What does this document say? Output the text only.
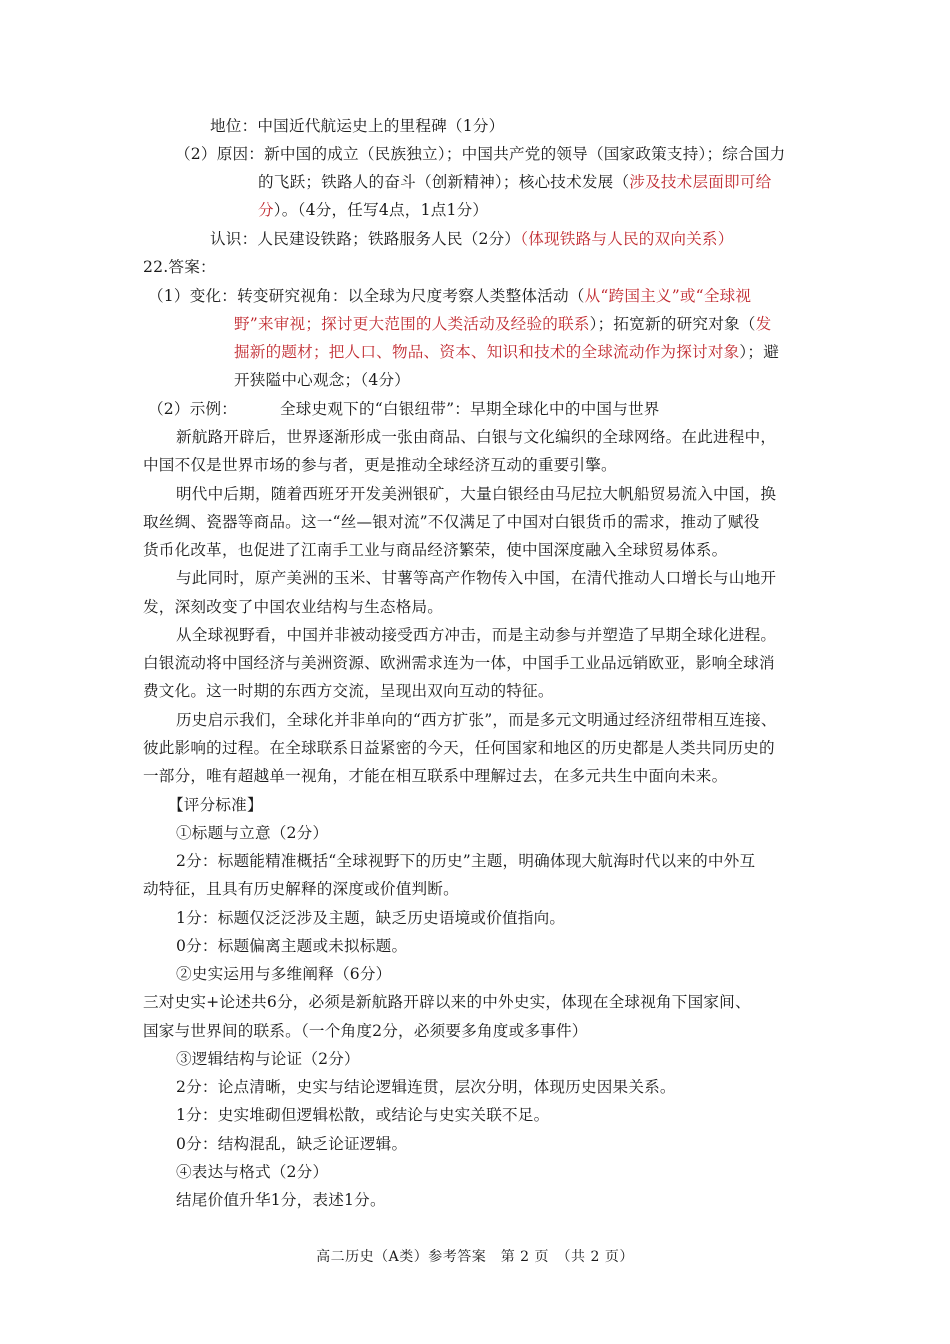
地位：中国近代航运史上的里程碑（1分）
（2）原因：新中国的成立（民族独立）；中国共产党的领导（国家政策支持）；综合国力
的飞跃；铁路人的奋斗（创新精神）；核心技术发展（涉及技术层面即可给
分）。（4分，任写4点，1点1分）
认识：人民建设铁路；铁路服务人民（2分）（体现铁路与人民的双向关系）
22.答案：
（1）变化：转变研究视角：以全球为尺度考察人类整体活动（从“跨国主义”或“全球视
野”来审视；探讨更大范围的人类活动及经验的联系）；拓宽新的研究对象（发
掘新的题材；把人口、物品、资本、知识和技术的全球流动作为探讨对象）；避
开狭隘中心观念；（4分）
（2）示例：	全球史观下的“白银纽带”：早期全球化中的中国与世界
新航路开辟后，世界逐渐形成一张由商品、白银与文化编织的全球网络。在此进程中，
中国不仅是世界市场的参与者，更是推动全球经济互动的重要引擎。
明代中后期，随着西班牙开发美洲银矿，大量白银经由马尼拉大帆船贸易流入中国，换
取丝绸、瓷器等商品。这一“丝—银对流”不仅满足了中国对白银货币的需求，推动了赋役
货币化改革，也促进了江南手工业与商品经济繁荣，使中国深度融入全球贸易体系。
与此同时，原产美洲的玉米、甘薯等高产作物传入中国，在清代推动人口增长与山地开
发，深刻改变了中国农业结构与生态格局。
从全球视野看，中国并非被动接受西方冲击，而是主动参与并塑造了早期全球化进程。
白银流动将中国经济与美洲资源、欧洲需求连为一体，中国手工业品远销欧亚，影响全球消
费文化。这一时期的东西方交流，呈现出双向互动的特征。
历史启示我们，全球化并非单向的“西方扩张”，而是多元文明通过经济纽带相互连接、
彼此影响的过程。在全球联系日益紧密的今天，任何国家和地区的历史都是人类共同历史的
一部分，唯有超越单一视角，才能在相互联系中理解过去，在多元共生中面向未来。
【评分标准】
①标题与立意（2分）
2分：标题能精准概括“全球视野下的历史”主题，明确体现大航海时代以来的中外互
动特征，且具有历史解释的深度或价值判断。
1分：标题仅泛泛涉及主题，缺乏历史语境或价值指向。
0分：标题偏离主题或未拟标题。
②史实运用与多维阐释（6分）
三对史实+论述共6分，必须是新航路开辟以来的中外史实，体现在全球视角下国家间、
国家与世界间的联系。（一个角度2分，必须要多角度或多事件）
③逻辑结构与论证（2分）
2分：论点清晰，史实与结论逻辑连贯，层次分明，体现历史因果关系。
1分：史实堆砌但逻辑松散，或结论与史实关联不足。
0分：结构混乱，缺乏论证逻辑。
④表达与格式（2分）
结尾价值升华1分，表述1分。
高二历史（A类）参考答案　第 2 页　（共 2 页）
